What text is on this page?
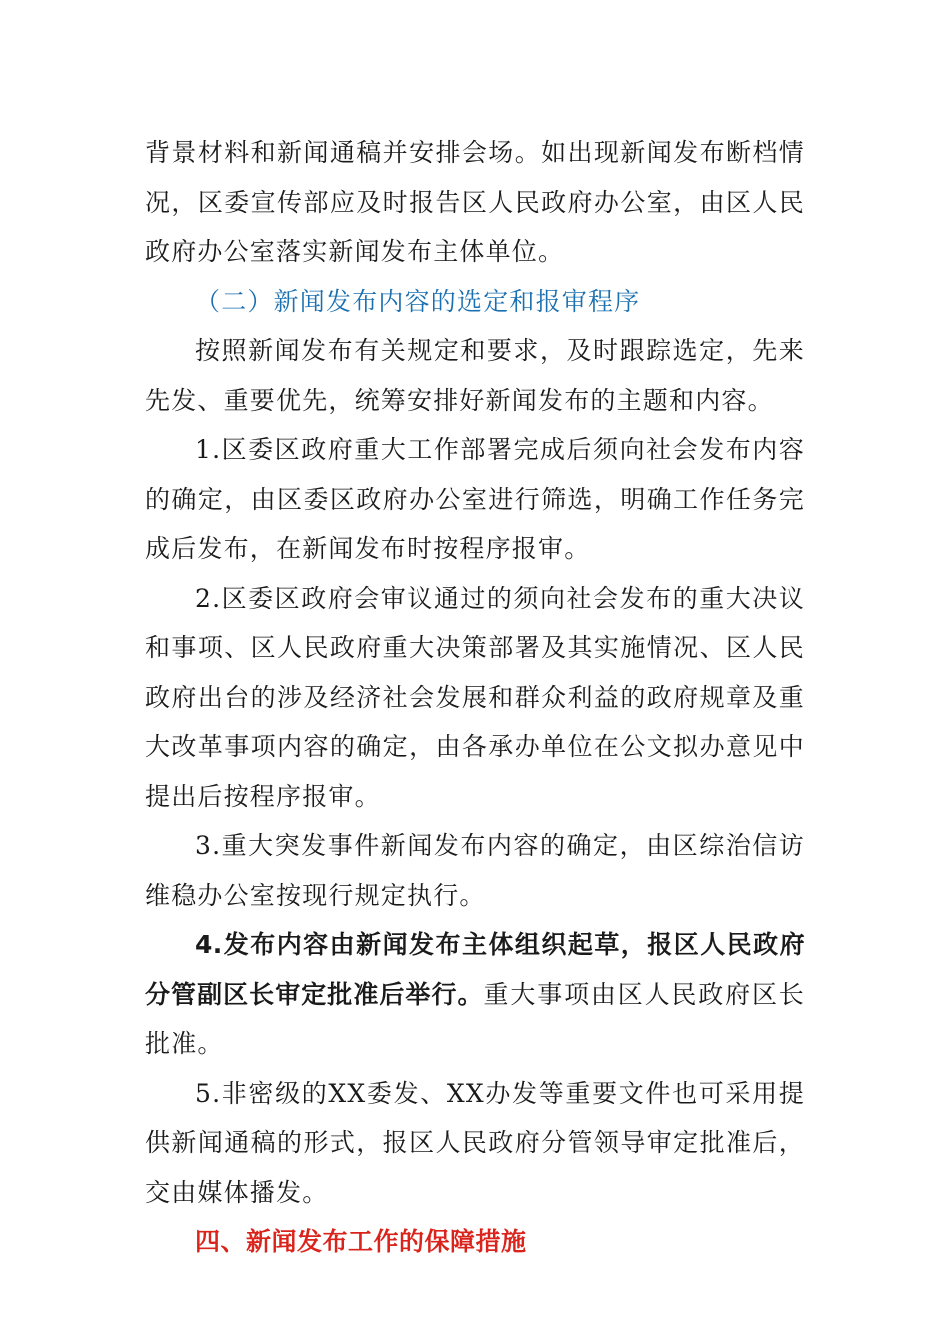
背景材料和新闻通稿并安排会场。如出现新闻发布断档情况，区委宣传部应及时报告区人民政府办公室，由区人民政府办公室落实新闻发布主体单位。

（二）新闻发布内容的选定和报审程序

按照新闻发布有关规定和要求，及时跟踪选定，先来先发、重要优先，统筹安排好新闻发布的主题和内容。

1.区委区政府重大工作部署完成后须向社会发布内容的确定，由区委区政府办公室进行筛选，明确工作任务完成后发布，在新闻发布时按程序报审。

2.区委区政府会审议通过的须向社会发布的重大决议和事项、区人民政府重大决策部署及其实施情况、区人民政府出台的涉及经济社会发展和群众利益的政府规章及重大改革事项内容的确定，由各承办单位在公文拟办意见中提出后按程序报审。

3.重大突发事件新闻发布内容的确定，由区综治信访维稳办公室按现行规定执行。

4.发布内容由新闻发布主体组织起草，报区人民政府分管副区长审定批准后举行。重大事项由区人民政府区长批准。

5.非密级的XX委发、XX办发等重要文件也可采用提供新闻通稿的形式，报区人民政府分管领导审定批准后，交由媒体播发。

四、新闻发布工作的保障措施
